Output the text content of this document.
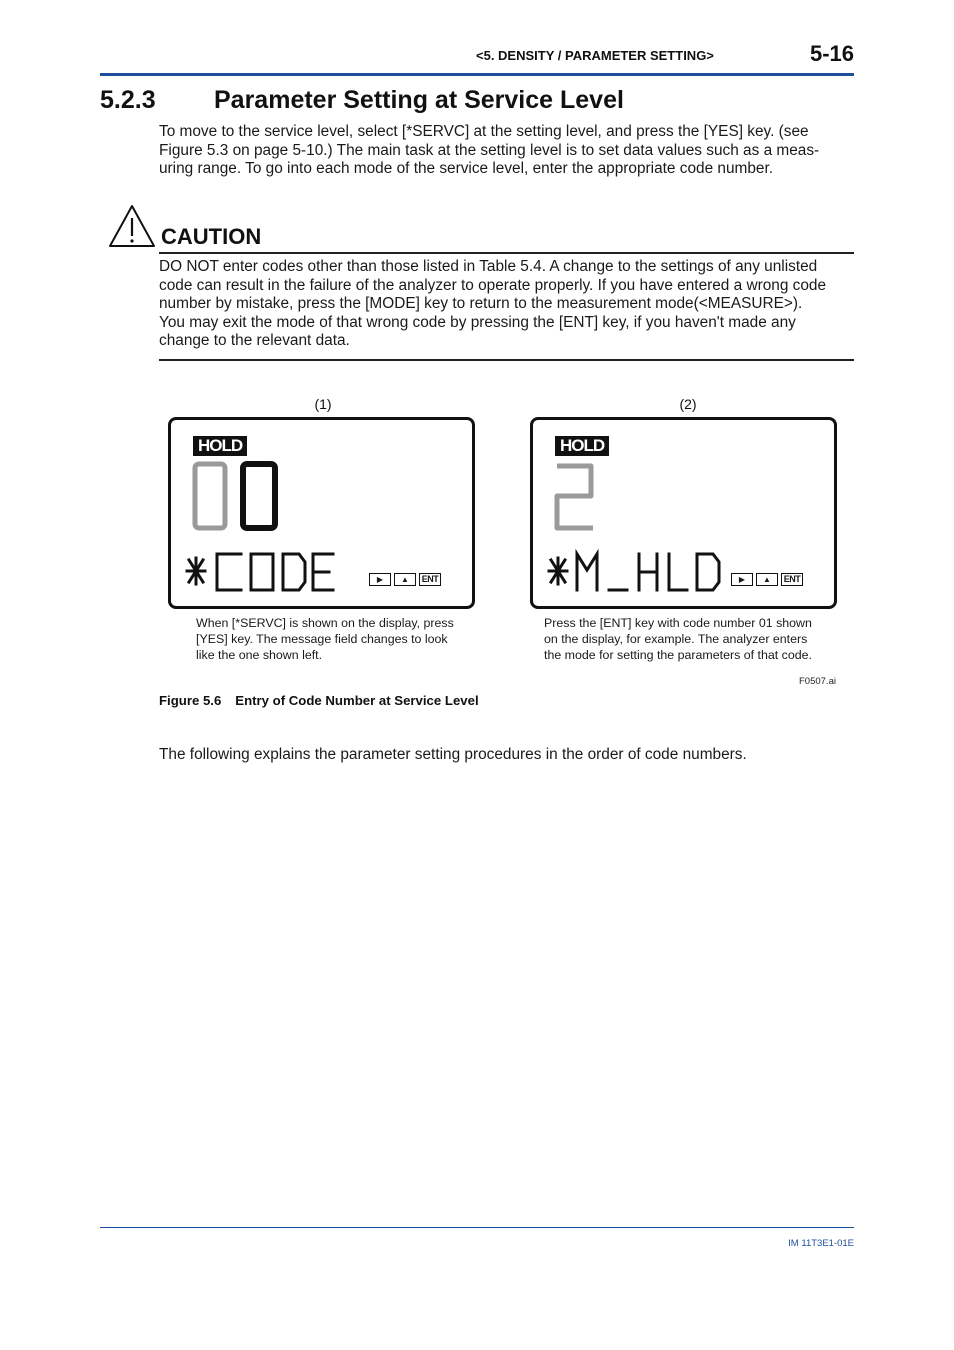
<5. DENSITY / PARAMETER SETTING>	5-16
5.2.3 Parameter Setting at Service Level

To move to the service level, select [*SERVC] at the setting level, and press the [YES] key. (see

Figure 5.3 on page 5-10.) The main task at the setting level is to set data values such as a meas-

uring range. To go into each mode of the service level, enter the appropriate code number.

CAUTION

DO NOT enter codes other than those listed in Table 5.4. A change to the settings of any unlisted

code can result in the failure of the analyzer to operate properly. If you have entered a wrong code

number by mistake, press the [MODE] key to return to the measurement mode(<MEASURE>).

You may exit the mode of that wrong code by pressing the [ENT] key, if you haven't made any

change to the relevant data.

(1)
HOLD
▶	▲	ENT

When [*SERVC] is shown on the display, press

[YES] key. The message field changes to look

like the one shown left.

(2)
HOLD
▶	▲	ENT

Press the [ENT] key with code number 01 shown

on the display, for example. The analyzer enters

the mode for setting the parameters of that code.

F0507.ai
Figure 5.6 Entry of Code Number at Service Level

The following explains the parameter setting procedures in the order of code numbers.

IM 11T3E1-01E
